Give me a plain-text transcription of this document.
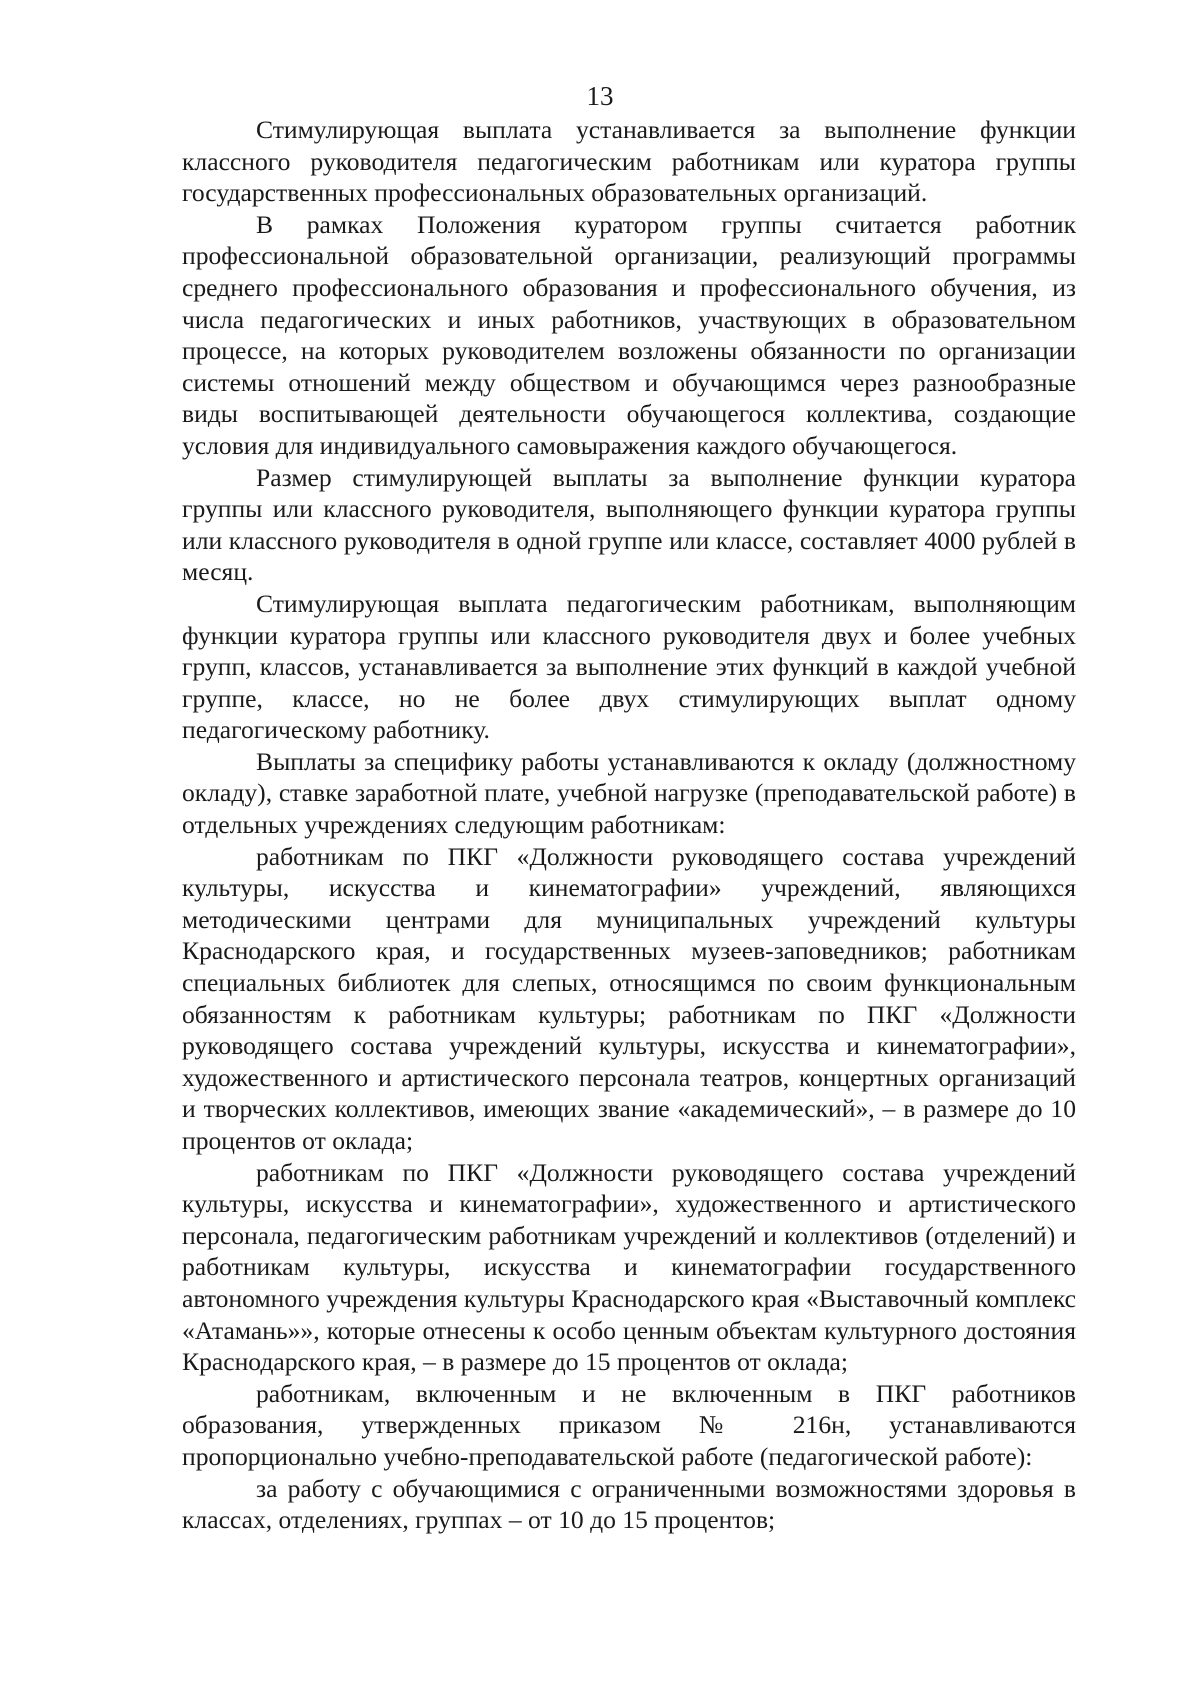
13

Стимулирующая выплата устанавливается за выполнение функции классного руководителя педагогическим работникам или куратора группы государственных профессиональных образовательных организаций.

В рамках Положения куратором группы считается работник профессиональной образовательной организации, реализующий программы среднего профессионального образования и профессионального обучения, из числа педагогических и иных работников, участвующих в образовательном процессе, на которых руководителем возложены обязанности по организации системы отношений между обществом и обучающимся через разнообразные виды воспитывающей деятельности обучающегося коллектива, создающие условия для индивидуального самовыражения каждого обучающегося.

Размер стимулирующей выплаты за выполнение функции куратора группы или классного руководителя, выполняющего функции куратора группы или классного руководителя в одной группе или классе, составляет 4000 рублей в месяц.

Стимулирующая выплата педагогическим работникам, выполняющим функции куратора группы или классного руководителя двух и более учебных групп, классов, устанавливается за выполнение этих функций в каждой учебной группе, классе, но не более двух стимулирующих выплат одному педагогическому работнику.

Выплаты за специфику работы устанавливаются к окладу (должностному окладу), ставке заработной плате, учебной нагрузке (преподавательской работе) в отдельных учреждениях следующим работникам:

работникам по ПКГ «Должности руководящего состава учреждений культуры, искусства и кинематографии» учреждений, являющихся методическими центрами для муниципальных учреждений культуры Краснодарского края, и государственных музеев-заповедников; работникам специальных библиотек для слепых, относящимся по своим функциональным обязанностям к работникам культуры; работникам по ПКГ «Должности руководящего состава учреждений культуры, искусства и кинематографии», художественного и артистического персонала театров, концертных организаций и творческих коллективов, имеющих звание «академический», – в размере до 10 процентов от оклада;

работникам по ПКГ «Должности руководящего состава учреждений культуры, искусства и кинематографии», художественного и артистического персонала, педагогическим работникам учреждений и коллективов (отделений) и работникам культуры, искусства и кинематографии государственного автономного учреждения культуры Краснодарского края «Выставочный комплекс «Атамань»», которые отнесены к особо ценным объектам культурного достояния Краснодарского края, – в размере до 15 процентов от оклада;

работникам, включенным и не включенным в ПКГ работников образования, утвержденных приказом № 216н, устанавливаются пропорционально учебно-преподавательской работе (педагогической работе):

за работу с обучающимися с ограниченными возможностями здоровья в классах, отделениях, группах – от 10 до 15 процентов;
